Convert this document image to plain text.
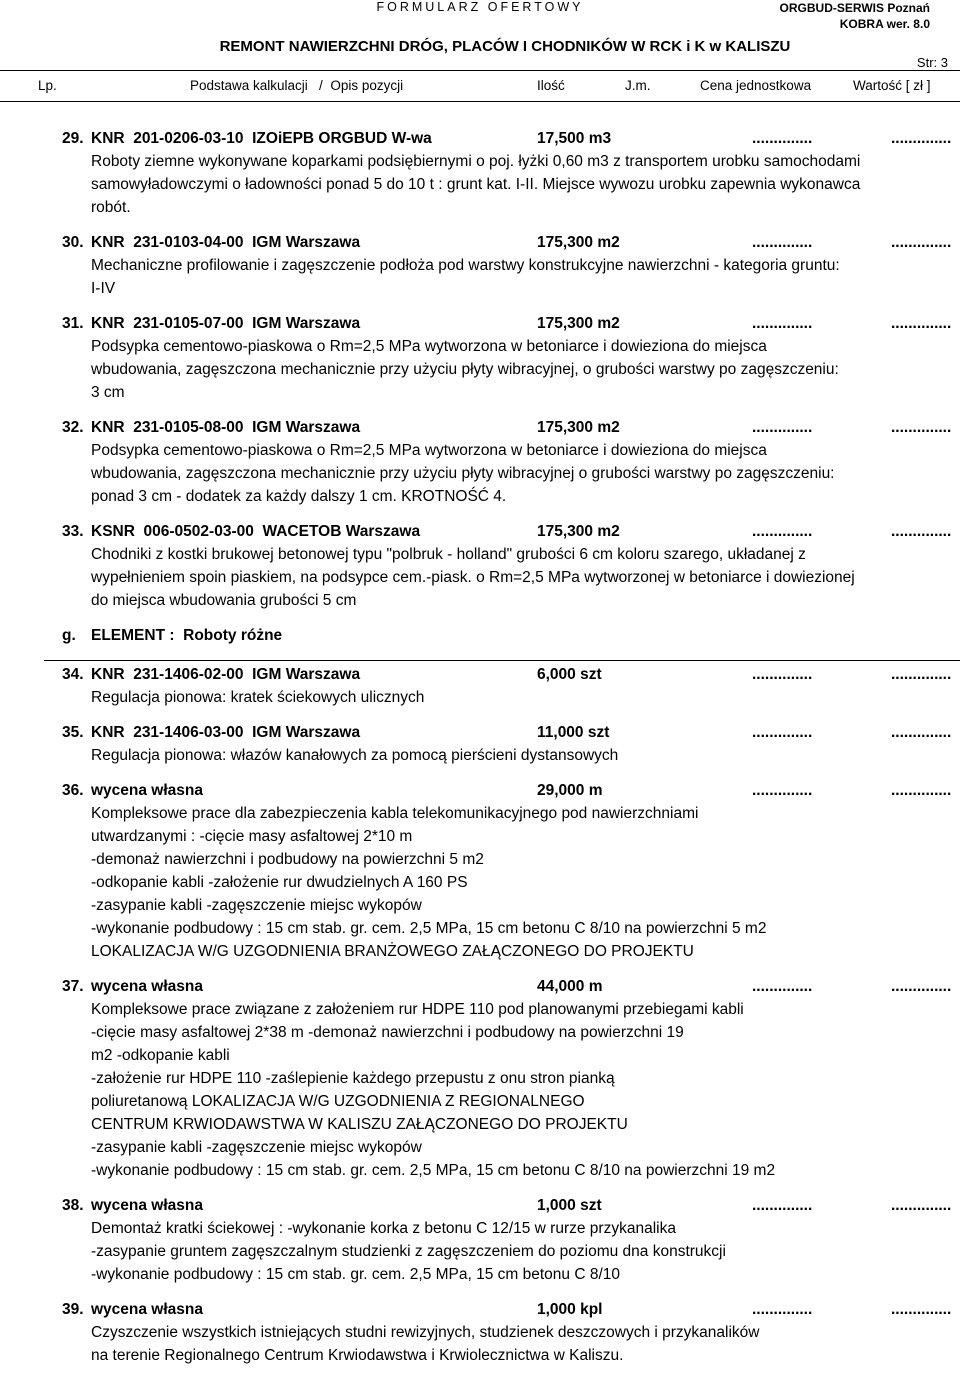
FORMULARZ OFERTOWY	ORGBUD-SERWIS Poznań
KOBRA wer. 8.0
REMONT NAWIERZCHNI DRÓG, PLACÓW I CHODNIKÓW W RCK i K w KALISZU
Str: 3
Lp.	Podstawa kalkulacji   /  Opis pozycji	Ilość	J.m.	Cena jednostkowa	Wartość [ zł ]
29. KNR  201-0206-03-10  IZOiEPB ORGBUD W-wa	17,500 m3	..............	..............
Roboty ziemne wykonywane koparkami podsiębiernymi o poj. łyżki 0,60 m3 z transportem urobku samochodami
samowyładowczymi o ładowności ponad 5 do 10 t : grunt kat. I-II. Miejsce wywozu urobku zapewnia wykonawca
robót.
30. KNR  231-0103-04-00  IGM Warszawa	175,300 m2	..............	..............
Mechaniczne profilowanie i zagęszczenie podłoża pod warstwy konstrukcyjne nawierzchni - kategoria gruntu:
I-IV
31. KNR  231-0105-07-00  IGM Warszawa	175,300 m2	..............	..............
Podsypka cementowo-piaskowa o Rm=2,5 MPa wytworzona w betoniarce i dowieziona do miejsca
wbudowania, zagęszczona mechanicznie przy użyciu płyty wibracyjnej, o grubości warstwy po zagęszczeniu:
3 cm
32. KNR  231-0105-08-00  IGM Warszawa	175,300 m2	..............	..............
Podsypka cementowo-piaskowa o Rm=2,5 MPa wytworzona w betoniarce i dowieziona do miejsca
wbudowania, zagęszczona mechanicznie przy użyciu płyty wibracyjnej o grubości warstwy po zagęszczeniu:
ponad 3 cm - dodatek za każdy dalszy 1 cm. KROTNOŚĆ 4.
33. KSNR  006-0502-03-00  WACETOB Warszawa	175,300 m2	..............	..............
Chodniki z kostki brukowej betonowej typu "polbruk - holland" grubości 6 cm koloru szarego, układanej z
wypełnieniem spoin piaskiem, na podsypce cem.-piask. o Rm=2,5 MPa wytworzonej w betoniarce i dowiezionej
do miejsca wbudowania grubości 5 cm
g. ELEMENT :  Roboty różne
34. KNR  231-1406-02-00  IGM Warszawa	6,000 szt	..............	..............
Regulacja pionowa: kratek ściekowych ulicznych
35. KNR  231-1406-03-00  IGM Warszawa	11,000 szt	..............	..............
Regulacja pionowa: włazów kanałowych za pomocą pierścieni dystansowych
36. wycena własna	29,000 m	..............	..............
Kompleksowe prace dla zabezpieczenia kabla telekomunikacyjnego pod nawierzchniami
utwardzanymi : -cięcie masy asfaltowej 2*10 m
-demonaż nawierzchni i podbudowy na powierzchni 5 m2
-odkopanie kabli -założenie rur dwudzielnych A 160 PS
-zasypanie kabli -zagęszczenie miejsc wykopów
-wykonanie podbudowy : 15 cm stab. gr. cem. 2,5 MPa, 15 cm betonu C 8/10 na powierzchni 5 m2
LOKALIZACJA W/G UZGODNIENIA BRANŻOWEGO ZAŁĄCZONEGO DO PROJEKTU
37. wycena własna	44,000 m	..............	..............
Kompleksowe prace związane z założeniem rur HDPE 110 pod planowanymi przebiegami kabli
-cięcie masy asfaltowej 2*38 m -demonaż nawierzchni i podbudowy na powierzchni 19
m2 -odkopanie kabli
-założenie rur HDPE 110 -zaślepienie każdego przepustu z onu stron pianką
poliuretanową LOKALIZACJA W/G UZGODNIENIA Z REGIONALNEGO
CENTRUM KRWIODAWSTWA W KALISZU ZAŁĄCZONEGO DO PROJEKTU
-zasypanie kabli -zagęszczenie miejsc wykopów
-wykonanie podbudowy : 15 cm stab. gr. cem. 2,5 MPa, 15 cm betonu C 8/10 na powierzchni 19 m2
38. wycena własna	1,000 szt	..............	..............
Demontaż kratki ściekowej : -wykonanie korka z betonu C 12/15 w rurze przykanalika
-zasypanie gruntem zagęszczalnym studzienki z zagęszczeniem do poziomu dna konstrukcji
-wykonanie podbudowy : 15 cm stab. gr. cem. 2,5 MPa, 15 cm betonu C 8/10
39. wycena własna	1,000 kpl	..............	..............
Czyszczenie wszystkich istniejących studni rewizyjnych, studzienek deszczowych i przykanalików
na terenie Regionalnego Centrum Krwiodawstwa i Krwiolecznictwa w Kaliszu.
